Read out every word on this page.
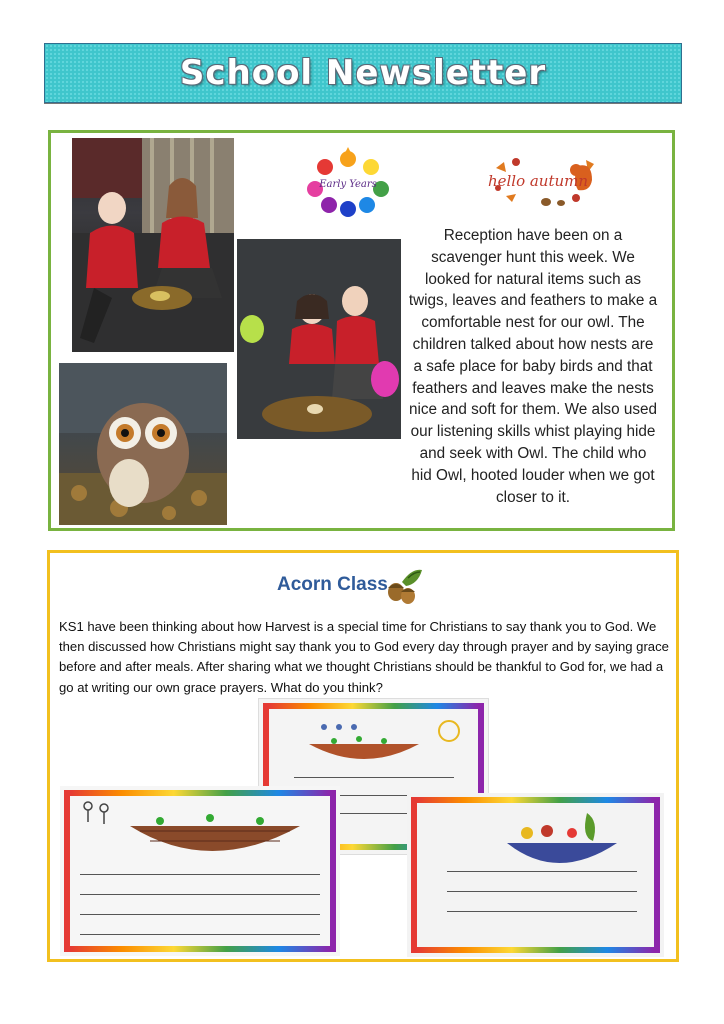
School Newsletter
Early Years	hello autumn

Reception have been on a scavenger hunt this week. We looked for natural items such as twigs, leaves and feathers to make a comfortable nest for our owl. The children talked about how nests are a safe place for baby birds and that feathers and leaves make the nests nice and soft for them. We also used our listening skills whist playing hide and seek with Owl. The child who hid Owl, hooted louder when we got closer to it.

Acorn Class

KS1 have been thinking about how Harvest is a special time for Christians to say thank you to God. We then discussed how Christians might say thank you to God every day through prayer and by saying grace before and after meals. After sharing what we thought Christians should be thankful to God for, we had a go at writing our own grace prayers. What do you think?
